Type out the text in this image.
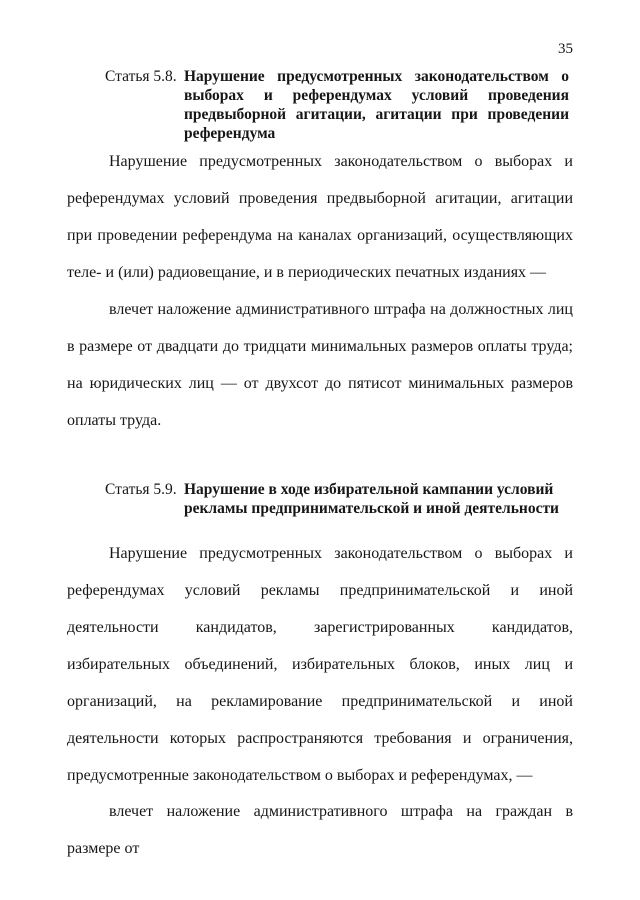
35
Статья 5.8. Нарушение предусмотренных законодательством о выборах и референдумах условий проведения предвыборной агитации, агитации при проведении референдума

Нарушение предусмотренных законодательством о выборах и референдумах условий проведения предвыборной агитации, агитации при проведении референдума на каналах организаций, осуществляющих теле- и (или) радиовещание, и в периодических печатных изданиях —

влечет наложение административного штрафа на должностных лиц в размере от двадцати до тридцати минимальных размеров оплаты труда; на юридических лиц — от двухсот до пятисот минимальных размеров оплаты труда.

Статья 5.9. Нарушение в ходе избирательной кампании условий
рекламы предпринимательской и иной деятельности

Нарушение предусмотренных законодательством о выборах и референдумах условий рекламы предпринимательской и иной деятельности кандидатов, зарегистрированных кандидатов, избирательных объединений, избирательных блоков, иных лиц и организаций, на рекламирование предпринимательской и иной деятельности которых распространяются требования и ограничения, предусмотренные законодательством о выборах и референдумах, —

влечет наложение административного штрафа на граждан в размере от
